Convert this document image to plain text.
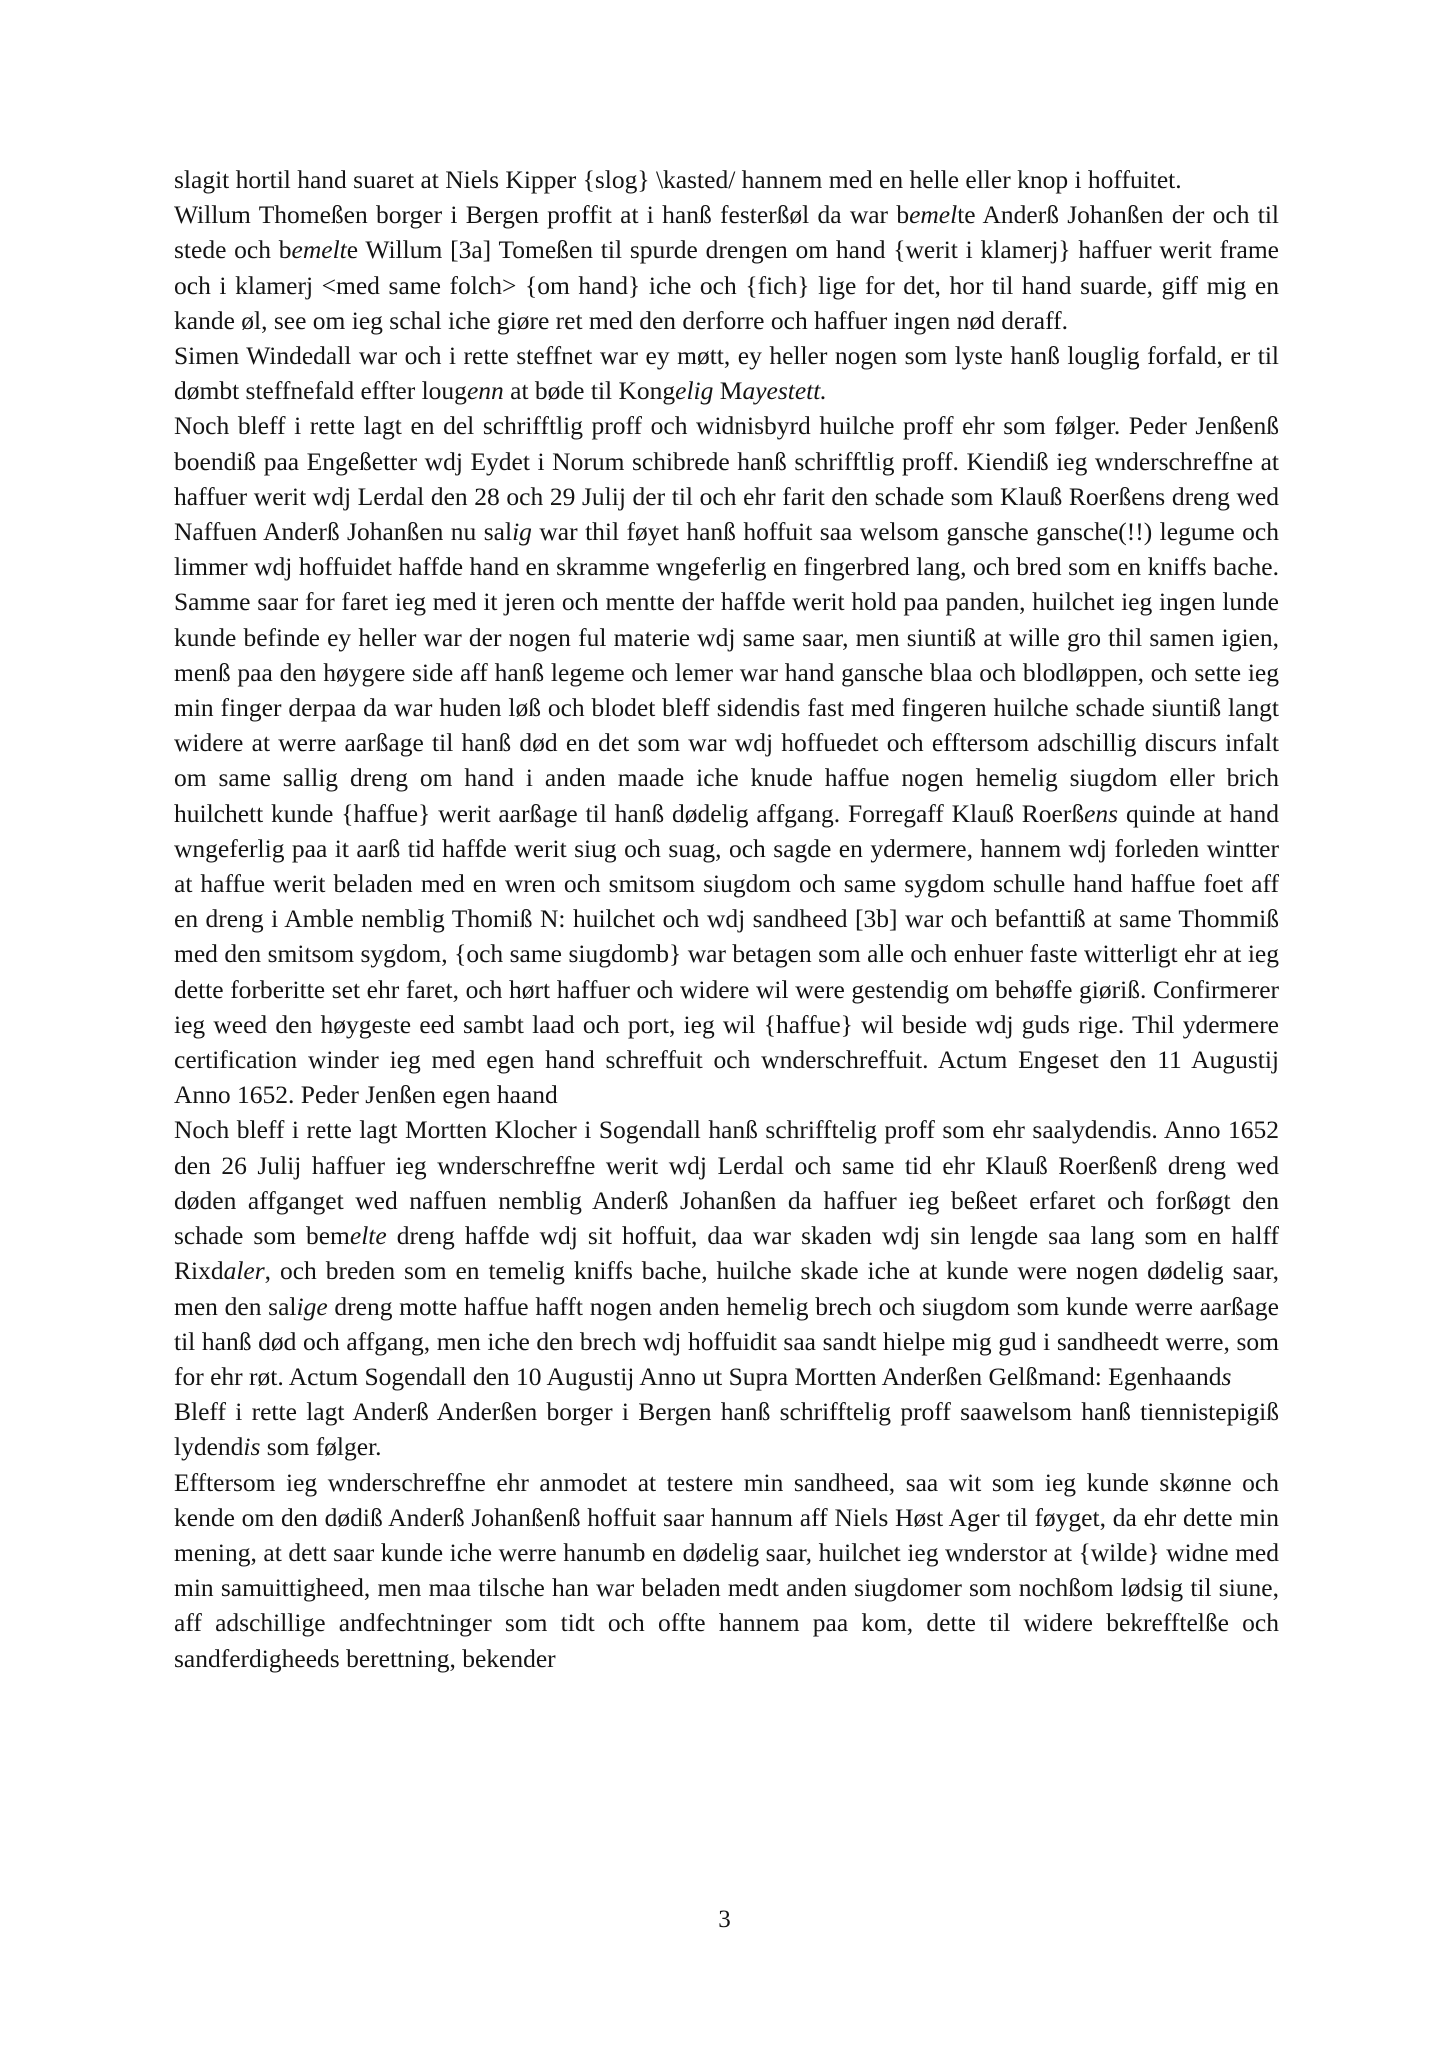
slagit hortil hand suaret at Niels Kipper {slog} \kasted/ hannem med en helle eller knop i hoffuitet.

Willum Thomeßen borger i Bergen proffit at i hanß festerßøl da war bemelte Anderß Johanßen der och til stede och bemelte Willum [3a] Tomeßen til spurde drengen om hand {werit i klamerj} haffuer werit frame och i klamerj <med same folch> {om hand} iche och {fich} lige for det, hor til hand suarde, giff mig en kande øl, see om ieg schal iche giøre ret med den derforre och haffuer ingen nød deraff.

Simen Windedall war och i rette steffnet war ey møtt, ey heller nogen som lyste hanß louglig forfald, er til dømbt steffnefald effter lougenn at bøde til Kongelig Mayestett.

Noch bleff i rette lagt en del schrifftlig proff och widnisbyrd huilche proff ehr som følger. Peder Jenßenß boendiß paa Engeßetter wdj Eydet i Norum schibrede hanß schrifftlig proff. Kiendiß ieg wnderschreffne at haffuer werit wdj Lerdal den 28 och 29 Julij der til och ehr farit den schade som Klauß Roerßens dreng wed Naffuen Anderß Johanßen nu salig war thil føyet hanß hoffuit saa welsom gansche gansche(!!) legume och limmer wdj hoffuidet haffde hand en skramme wngeferlig en fingerbred lang, och bred som en kniffs bache. Samme saar for faret ieg med it jeren och mentte der haffde werit hold paa panden, huilchet ieg ingen lunde kunde befinde ey heller war der nogen ful materie wdj same saar, men siuntiß at wille gro thil samen igien, menß paa den høygere side aff hanß legeme och lemer war hand gansche blaa och blodløppen, och sette ieg min finger derpaa da war huden løß och blodet bleff sidendis fast med fingeren huilche schade siuntiß langt widere at werre aarßage til hanß død en det som war wdj hoffuedet och efftersom adschillig discurs infalt om same sallig dreng om hand i anden maade iche knude haffue nogen hemelig siugdom eller brich huilchett kunde {haffue} werit aarßage til hanß dødelig affgang. Forregaff Klauß Roerßens quinde at hand wngeferlig paa it aarß tid haffde werit siug och suag, och sagde en ydermere, hannem wdj forleden wintter at haffue werit beladen med en wren och smitsom siugdom och same sygdom schulle hand haffue foet aff en dreng i Amble nemblig Thomiß N: huilchet och wdj sandheed [3b] war och befanttiß at same Thommiß med den smitsom sygdom, {och same siugdomb} war betagen som alle och enhuer faste witterligt ehr at ieg dette forberitte set ehr faret, och hørt haffuer och widere wil were gestendig om behøffe giøriß. Confirmerer ieg weed den høygeste eed sambt laad och port, ieg wil {haffue} wil beside wdj guds rige. Thil ydermere certification winder ieg med egen hand schreffuit och wnderschreffuit. Actum Engeset den 11 Augustij Anno 1652. Peder Jenßen egen haand

Noch bleff i rette lagt Mortten Klocher i Sogendall hanß schrifftelig proff som ehr saalydendis. Anno 1652 den 26 Julij haffuer ieg wnderschreffne werit wdj Lerdal och same tid ehr Klauß Roerßenß dreng wed døden affganget wed naffuen nemblig Anderß Johanßen da haffuer ieg beßeet erfaret och forßøgt den schade som bemelte dreng haffde wdj sit hoffuit, daa war skaden wdj sin lengde saa lang som en halff Rixdaler, och breden som en temelig kniffs bache, huilche skade iche at kunde were nogen dødelig saar, men den salige dreng motte haffue hafft nogen anden hemelig brech och siugdom som kunde werre aarßage til hanß død och affgang, men iche den brech wdj hoffuidit saa sandt hielpe mig gud i sandheedt werre, som for ehr røt. Actum Sogendall den 10 Augustij Anno ut Supra Mortten Anderßen Gelßmand: Egenhaands

Bleff i rette lagt Anderß Anderßen borger i Bergen hanß schrifftelig proff saawelsom hanß tiennistepigiß lydendis som følger.

Efftersom ieg wnderschreffne ehr anmodet at testere min sandheed, saa wit som ieg kunde skønne och kende om den dødiß Anderß Johanßenß hoffuit saar hannum aff Niels Høst Ager til føyget, da ehr dette min mening, at dett saar kunde iche werre hanumb en dødelig saar, huilchet ieg wnderstor at {wilde} widne med min samuittigheed, men maa tilsche han war beladen medt anden siugdomer som nochßom lødsig til siune, aff adschillige andfechtninger som tidt och offte hannem paa kom, dette til widere bekrefftelße och sandferdigheeds berettning, bekender

3
